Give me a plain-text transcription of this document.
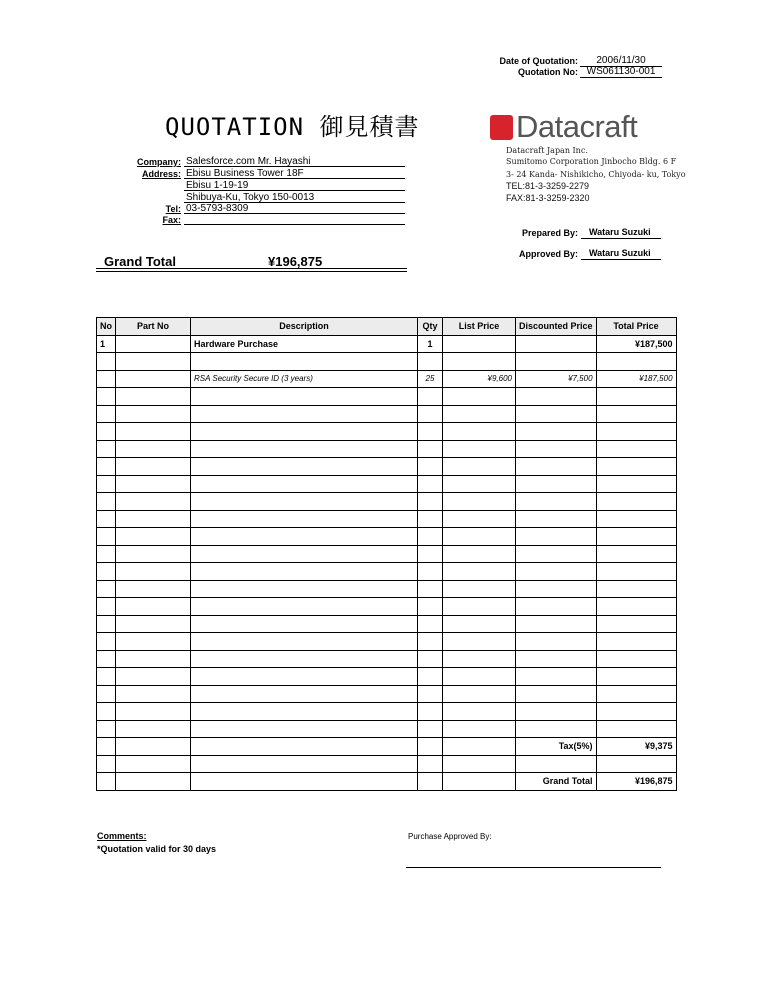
Date of Quotation:	2006/11/30
Quotation No: WS061130-001
QUOTATION 御見積書	Datacraft
Datacraft Japan Inc.
Sumitomo Corporation Jinbocho Bldg. 6 F
3- 24 Kanda- Nishikicho, Chiyoda- ku, Tokyo
TEL:81-3-3259-2279
FAX:81-3-3259-2320
Company: Salesforce.com Mr. Hayashi
Address: Ebisu Business Tower 18F
Ebisu 1-19-19
Shibuya-Ku, Tokyo 150-0013
Tel: 03-5793-8309
Fax:
Prepared By:	Wataru Suzuki
Approved By:	Wataru Suzuki
Grand Total	¥196,875
No	Part No	Description	Qty	List Price	Discounted Price	Total Price
1		Hardware Purchase	1			¥187,500

		RSA Security Secure ID (3 years)	25	¥9,600	¥7,500	¥187,500

					Tax(5%)	¥9,375

					Grand Total	¥196,875
Comments:
*Quotation valid for 30 days
Purchase Approved By:
